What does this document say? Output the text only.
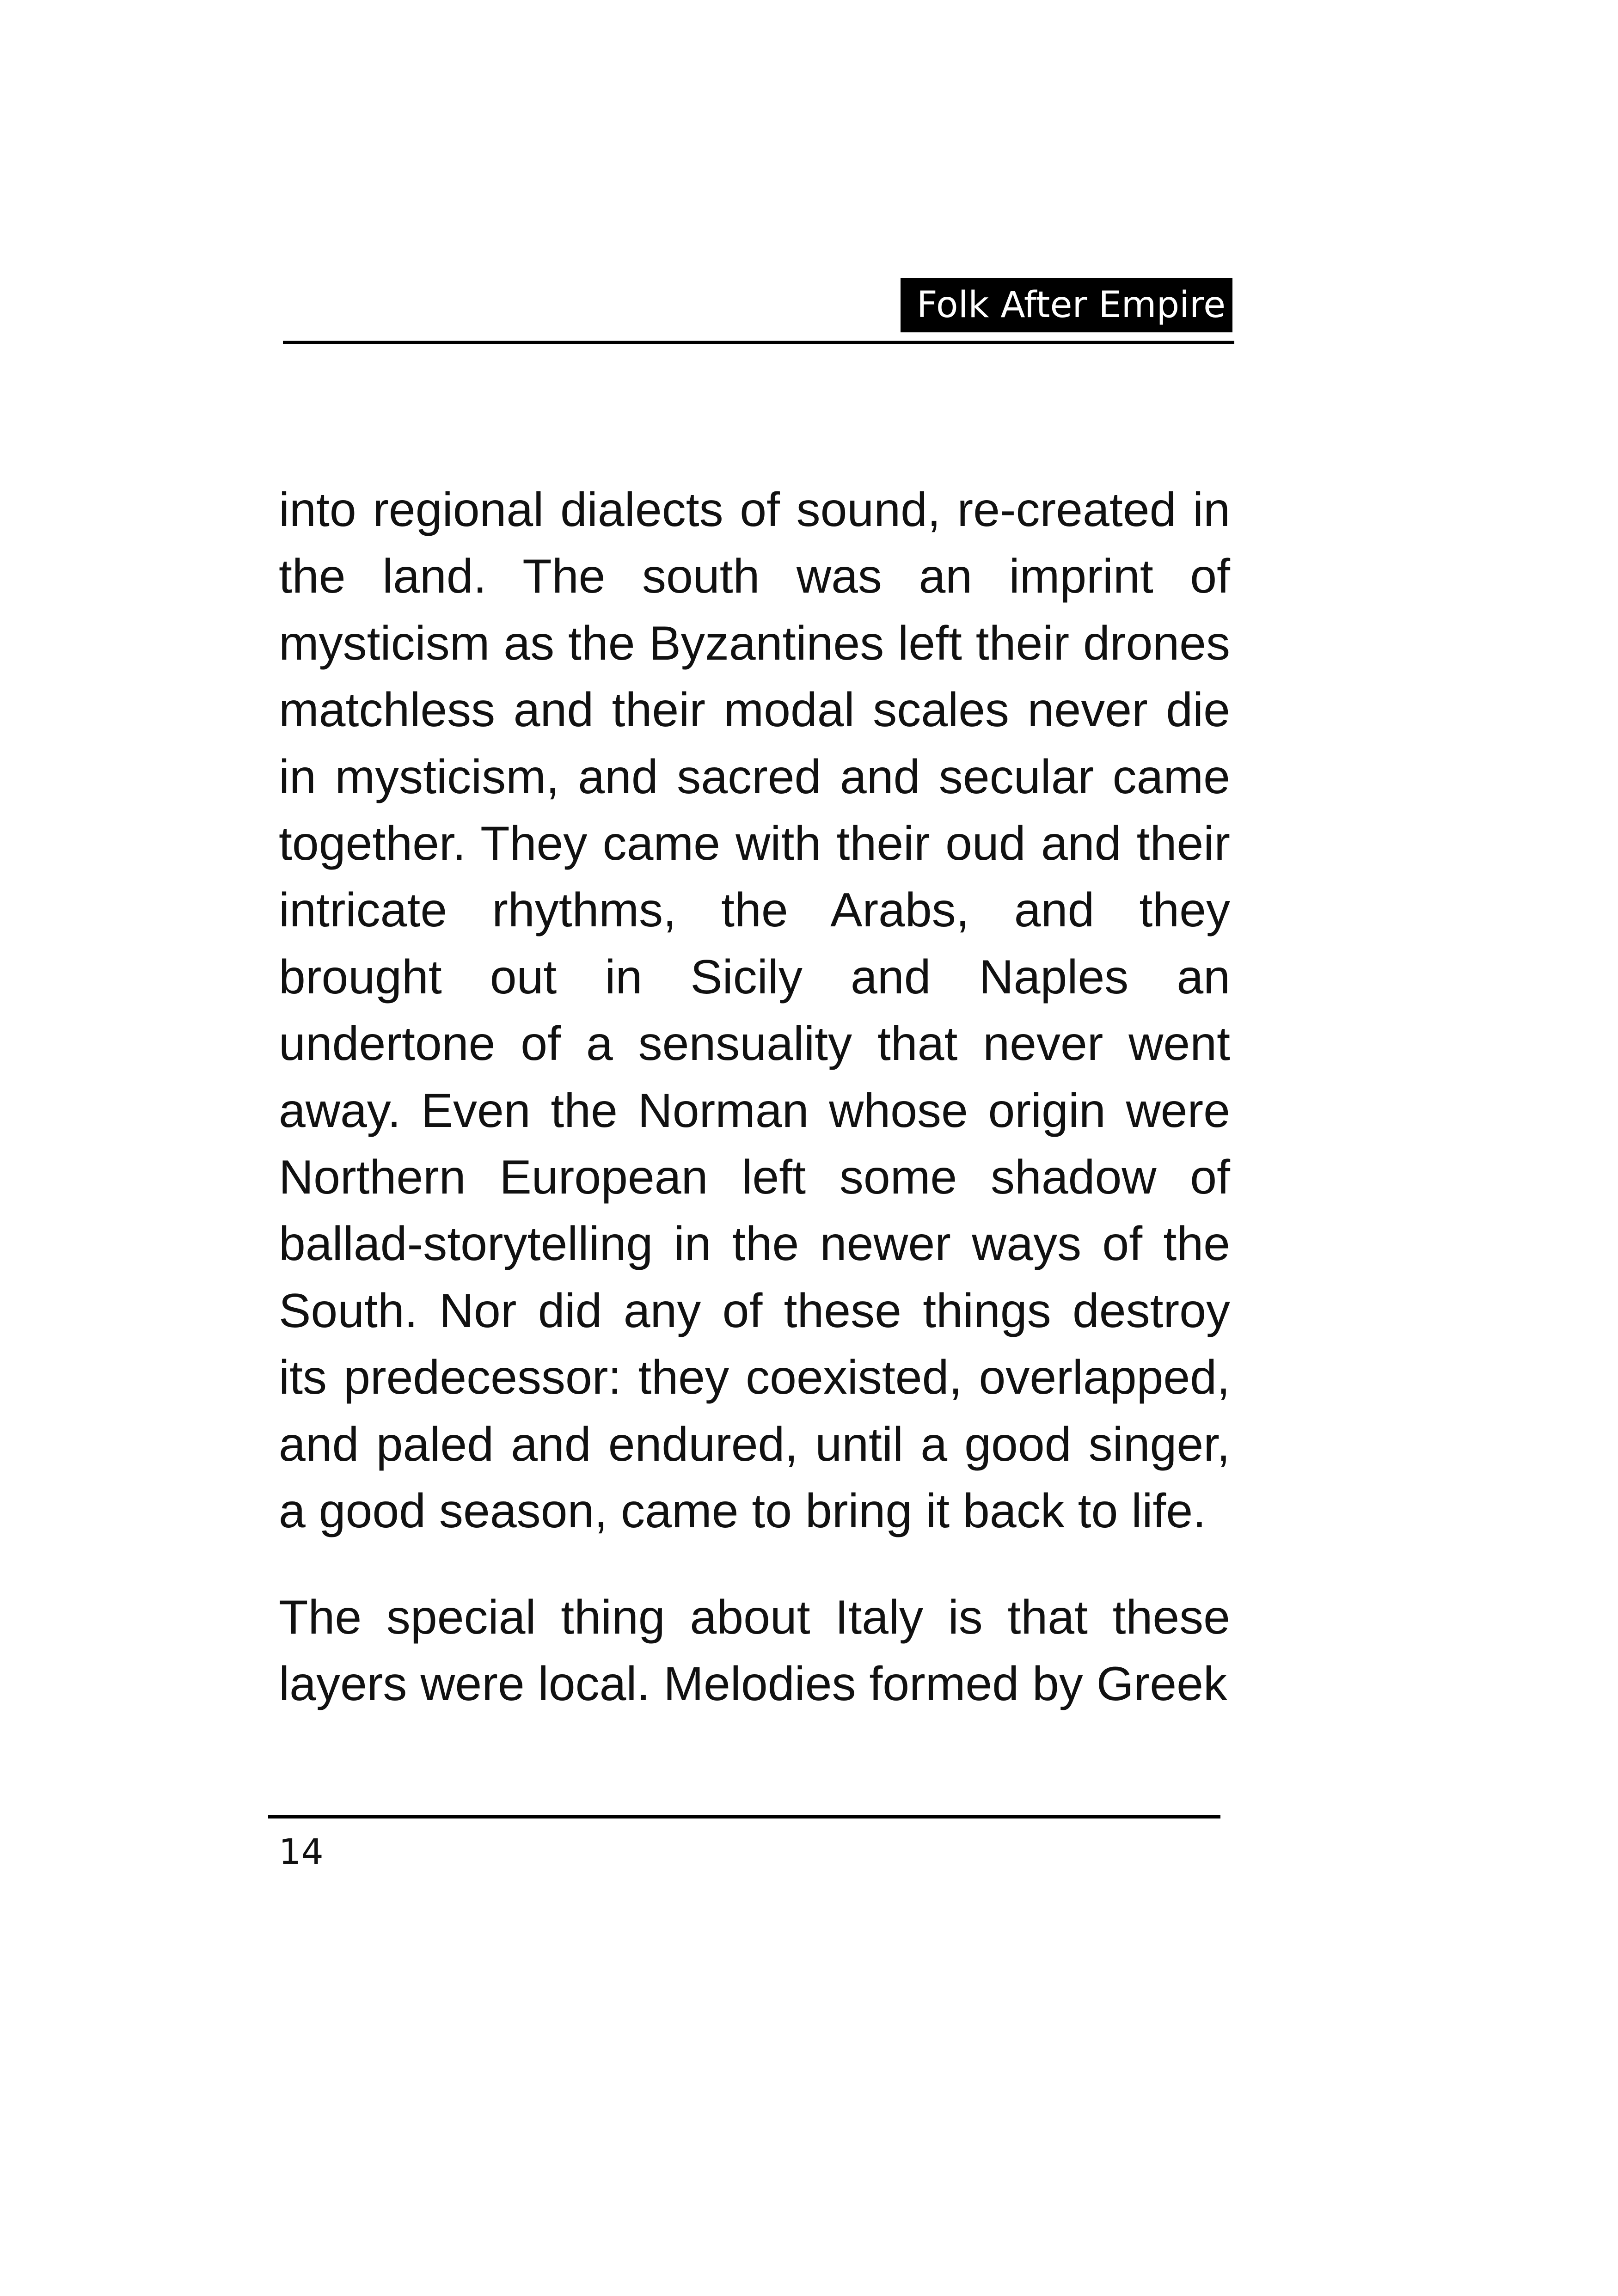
Folk After Empire

into regional dialects of sound, re-created in the land. The south was an imprint of mysticism as the Byzantines left their drones matchless and their modal scales never die in mysticism, and sacred and secular came together. They came with their oud and their intricate rhythms, the Arabs, and they brought out in Sicily and Naples an undertone of a sensuality that never went away. Even the Norman whose origin were Northern European left some shadow of ballad-storytelling in the newer ways of the South. Nor did any of these things destroy its predecessor: they coexisted, overlapped, and paled and endured, until a good singer, a good season, came to bring it back to life.

The special thing about Italy is that these layers were local. Melodies formed by Greek

14
